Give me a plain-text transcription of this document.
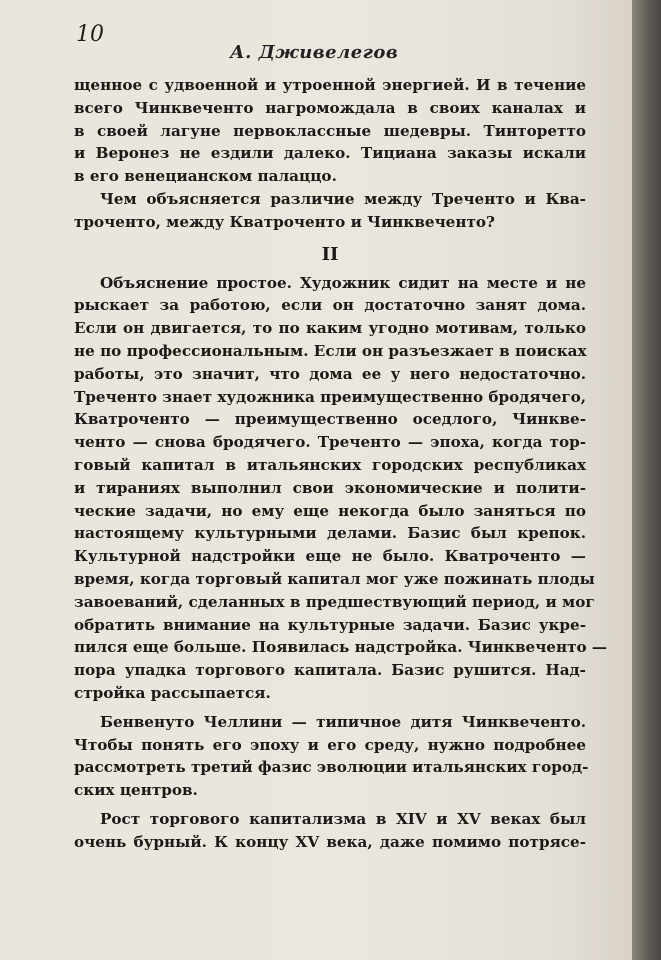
10
А. Дживелегов
щенное с удвоенной и утроенной энергией. И в течение
всего Чинквеченто нагромождала в своих каналах и
в своей лагуне первоклассные шедевры. Тинторетто
и Веронез не ездили далеко. Тициана заказы искали
в его венецианском палаццо.
Чем объясняется различие между Треченто и Ква-
троченто, между Кватроченто и Чинквеченто?
II
Объяснение простое. Художник сидит на месте и не
рыскает за работою, если он достаточно занят дома.
Если он двигается, то по каким угодно мотивам, только
не по профессиональным. Если он разъезжает в поисках
работы, это значит, что дома ее у него недостаточно.
Треченто знает художника преимущественно бродячего,
Кватроченто — преимущественно оседлого, Чинкве-
ченто — снова бродячего. Треченто — эпоха, когда тор-
говый капитал в итальянских городских республиках
и тираниях выполнил свои экономические и полити-
ческие задачи, но ему еще некогда было заняться по
настоящему культурными делами. Базис был крепок.
Культурной надстройки еще не было. Кватроченто —
время, когда торговый капитал мог уже пожинать плоды
завоеваний, сделанных в предшествующий период, и мог
обратить внимание на культурные задачи. Базис укре-
пился еще больше. Появилась надстройка. Чинквеченто —
пора упадка торгового капитала. Базис рушится. Над-
стройка рассыпается.
Бенвенуто Челлини — типичное дитя Чинквеченто.
Чтобы понять его эпоху и его среду, нужно подробнее
рассмотреть третий фазис эволюции итальянских город-
ских центров.
Рост торгового капитализма в XIV и XV веках был
очень бурный. К концу XV века, даже помимо потрясе-
